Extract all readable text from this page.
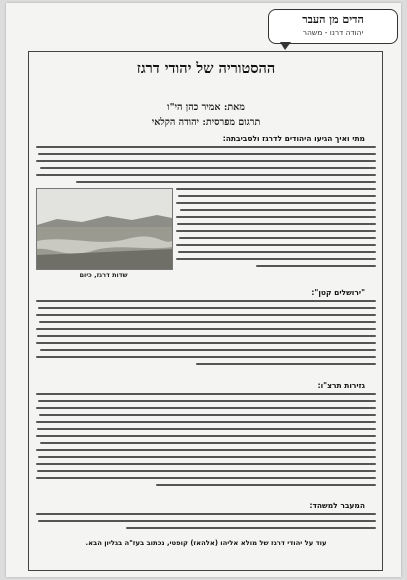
הדים מן העבר
יהודה דרנו - משהר
ההסטוריה של יהודי דרגז
מאת: אמיר כהן הי"ו
תרגום מפרסית: יהודה הקלאי
מתי ואיך הגיעו היהודים לדרגז ולסביבתה:
שדות דרגז, כיום
"ירושלים קטן":
גזירות תרצ"ו:
המעבר למשהד:
עוד על יהודי דרגז של מולא אליהו (אלהאז) קופטי, נכתוב בעז"ה בגליון הבא.
